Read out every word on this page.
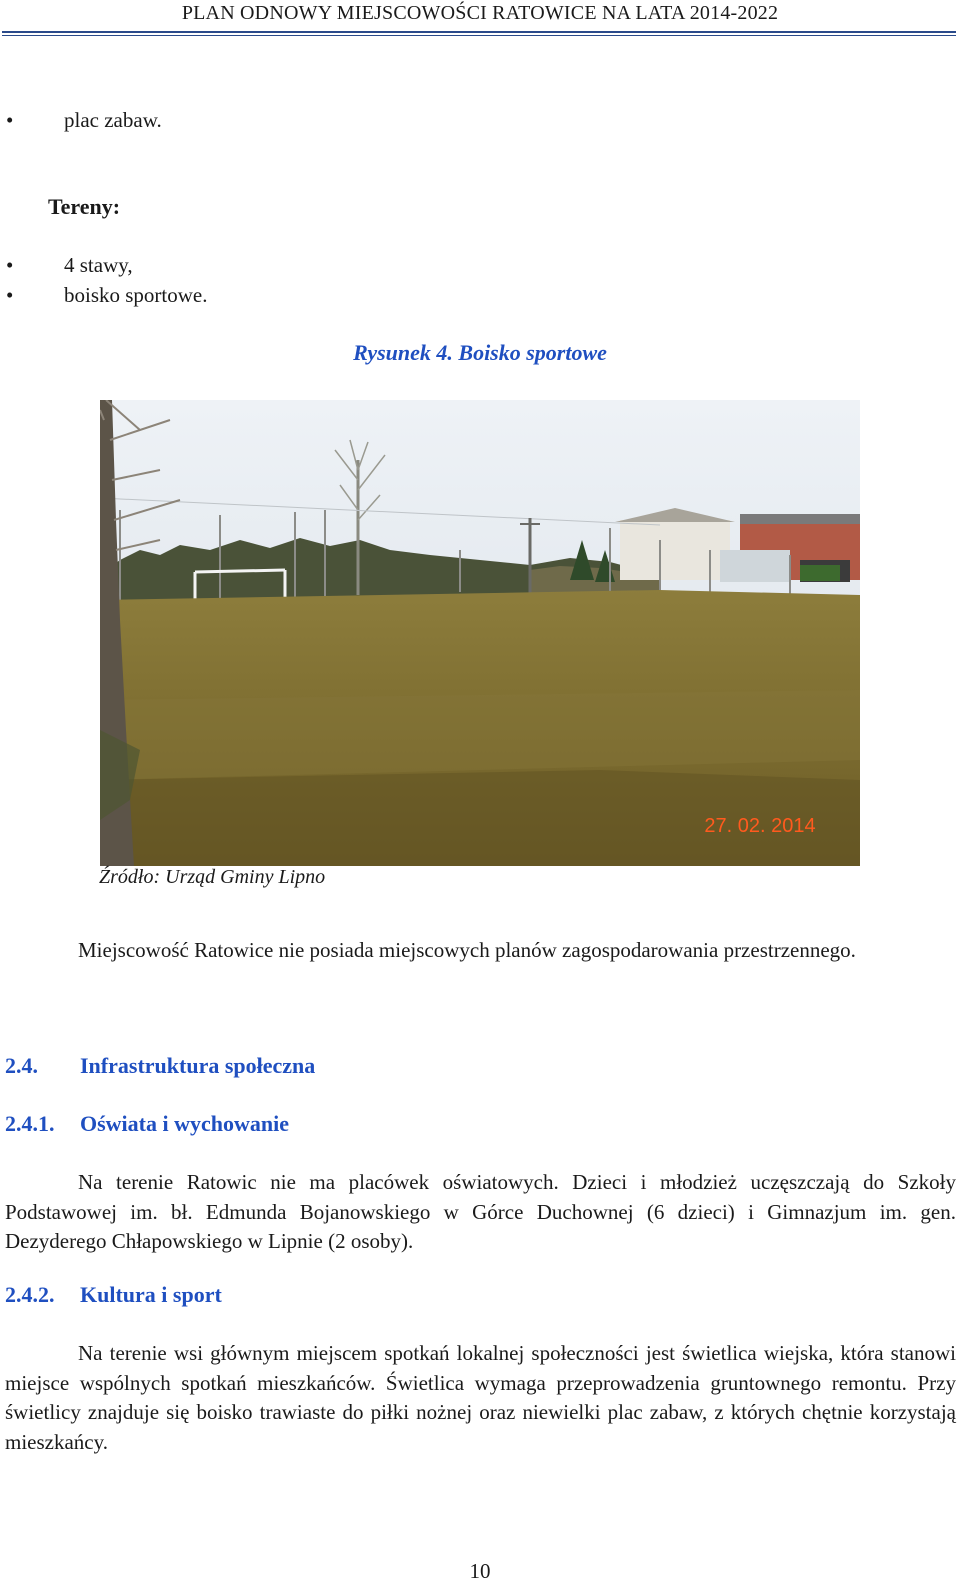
PLAN ODNOWY MIEJSCOWOŚCI RATOWICE NA LATA 2014-2022
•	plac zabaw.
Tereny:
•	4 stawy,
•	boisko sportowe.
Rysunek 4. Boisko sportowe
27. 02. 2014
Źródło: Urząd Gminy Lipno
Miejscowość Ratowice nie posiada miejscowych planów zagospodarowania przestrzennego.
2.4. Infrastruktura społeczna
2.4.1. Oświata i wychowanie
Na terenie Ratowic nie ma placówek oświatowych. Dzieci i młodzież uczęszczają do Szkoły Podstawowej im. bł. Edmunda Bojanowskiego w Górce Duchownej (6 dzieci) i Gimnazjum im. gen. Dezyderego Chłapowskiego w Lipnie (2 osoby).
2.4.2. Kultura i sport
Na terenie wsi głównym miejscem spotkań lokalnej społeczności jest świetlica wiejska, która stanowi miejsce wspólnych spotkań mieszkańców. Świetlica wymaga przeprowadzenia gruntownego remontu. Przy świetlicy znajduje się boisko trawiaste do piłki nożnej oraz niewielki plac zabaw, z których chętnie korzystają mieszkańcy.
10
